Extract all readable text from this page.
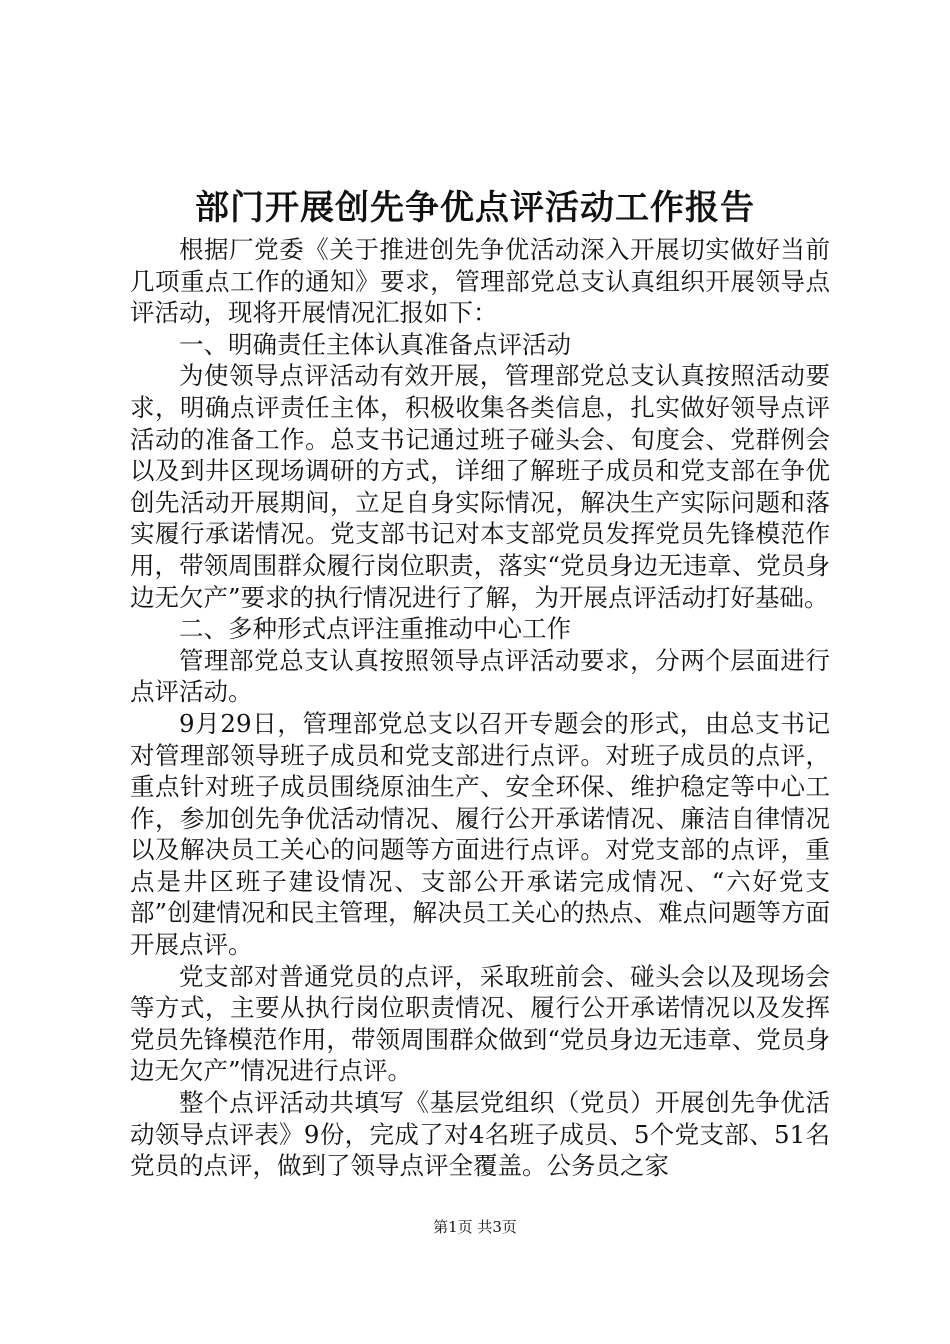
部门开展创先争优点评活动工作报告

根据厂党委《关于推进创先争优活动深入开展切实做好当前几项重点工作的通知》要求，管理部党总支认真组织开展领导点评活动，现将开展情况汇报如下：

一、明确责任主体认真准备点评活动

为使领导点评活动有效开展，管理部党总支认真按照活动要求，明确点评责任主体，积极收集各类信息，扎实做好领导点评活动的准备工作。总支书记通过班子碰头会、旬度会、党群例会以及到井区现场调研的方式，详细了解班子成员和党支部在争优创先活动开展期间，立足自身实际情况，解决生产实际问题和落实履行承诺情况。党支部书记对本支部党员发挥党员先锋模范作用，带领周围群众履行岗位职责，落实“党员身边无违章、党员身边无欠产”要求的执行情况进行了解，为开展点评活动打好基础。

二、多种形式点评注重推动中心工作

管理部党总支认真按照领导点评活动要求，分两个层面进行点评活动。

9月29日，管理部党总支以召开专题会的形式，由总支书记对管理部领导班子成员和党支部进行点评。对班子成员的点评，重点针对班子成员围绕原油生产、安全环保、维护稳定等中心工作，参加创先争优活动情况、履行公开承诺情况、廉洁自律情况以及解决员工关心的问题等方面进行点评。对党支部的点评，重点是井区班子建设情况、支部公开承诺完成情况、“六好党支部”创建情况和民主管理，解决员工关心的热点、难点问题等方面开展点评。

党支部对普通党员的点评，采取班前会、碰头会以及现场会等方式，主要从执行岗位职责情况、履行公开承诺情况以及发挥党员先锋模范作用，带领周围群众做到“党员身边无违章、党员身边无欠产”情况进行点评。

整个点评活动共填写《基层党组织（党员）开展创先争优活动领导点评表》9份，完成了对4名班子成员、5个党支部、51名党员的点评，做到了领导点评全覆盖。公务员之家

第1页 共3页
